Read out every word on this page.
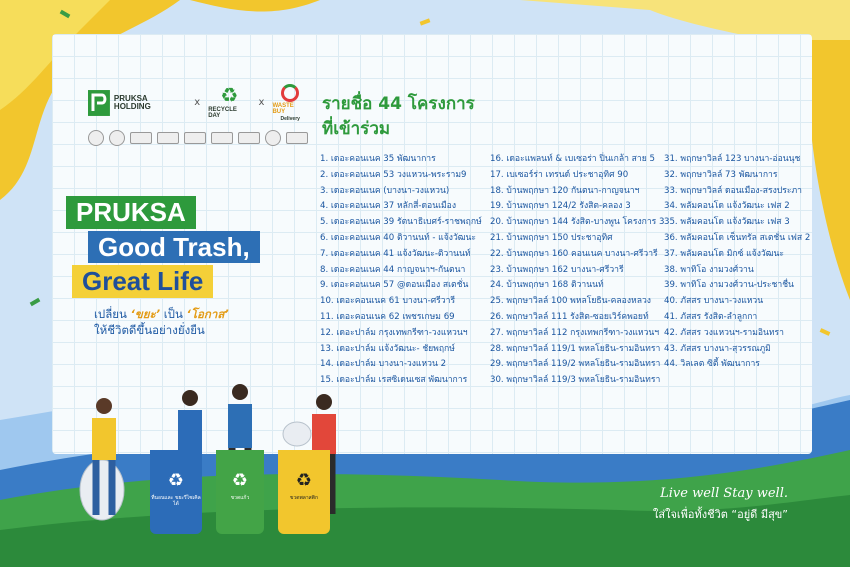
PRUKSA HOLDING	x ♻
RECYCLE DAY
x WASTE BUY
Delivery
PRUKSA
Good Trash,
Great Life
เปลี่ยน ‘ขยะ’ เป็น ‘โอกาส’
ให้ชีวิตดีขึ้นอย่างยั่งยืน
รายชื่อ 44 โครงการ
ที่เข้าร่วม
1. เดอะคอนเนค 35 พัฒนาการ
2. เดอะคอนเนค 53 วงแหวน-พระราม9
3. เดอะคอนเนค (บางนา-วงแหวน)
4. เดอะคอนเนค 37 หลักสี่-ดอนเมือง
5. เดอะคอนเนค 39 รัตนาธิเบศร์-ราชพฤกษ์
6. เดอะคอนเนค 40 ติวานนท์ - แจ้งวัฒนะ
7. เดอะคอนเนค 41 แจ้งวัฒนะ-ติวานนท์
8. เดอะคอนเนค 44 กาญจนาฯ-กันตนา
9. เดอะคอนเนค 57 @ดอนเมือง สเตชั่น
10. เดอะคอนเนค 61 บางนา-ศรีวารี
11. เดอะคอนเนค 62 เพชรเกษม 69
12. เดอะปาล์ม กรุงเทพกรีฑา-วงแหวนฯ
13. เดอะปาล์ม แจ้งวัฒนะ- ชัยพฤกษ์
14. เดอะปาล์ม บางนา-วงแหวน 2
15. เดอะปาล์ม เรสซิเดนเซส พัฒนาการ
16. เดอะแพลนท์ & เบเซอร่า ปิ่นเกล้า สาย 5
17. เบเซอร์ร่า เทรนด์ ประชาอุทิศ 90
18. บ้านพฤกษา 120 กันตนา-กาญจนาฯ
19. บ้านพฤกษา 124/2 รังสิต-คลอง 3
20. บ้านพฤกษา 144 รังสิต-บางพูน โครงการ 3
21. บ้านพฤกษา 150 ประชาอุทิศ
22. บ้านพฤกษา 160 คอนเนค บางนา-ศรีวารี
23. บ้านพฤกษา 162 บางนา-ศรีวารี
24. บ้านพฤกษา 168 ติวานนท์
25. พฤกษาวิลล์ 100 พหลโยธิน-คลองหลวง
26. พฤกษาวิลล์ 111 รังสิต-ซอยเวิร์คพอยท์
27. พฤกษาวิลล์ 112 กรุงเทพกรีฑา-วงแหวนฯ
28. พฤกษาวิลล์ 119/1 พหลโยธิน-รามอินทรา
29. พฤกษาวิลล์ 119/2 พหลโยธิน-รามอินทรา
30. พฤกษาวิลล์ 119/3 พหลโยธิน-รามอินทรา
31. พฤกษาวิลล์ 123 บางนา-อ่อนนุช
32. พฤกษาวิลล์ 73 พัฒนาการ
33. พฤกษาวิลล์ ดอนเมือง-สรงประภา
34. พลัมคอนโด แจ้งวัฒนะ เฟส 2
35. พลัมคอนโด แจ้งวัฒนะ เฟส 3
36. พลัมคอนโด เซ็นทรัล สเตชั่น เฟส 2
37. พลัมคอนโด มิกซ์ แจ้งวัฒนะ
38. พาทิโอ งามวงศ์วาน
39. พาทิโอ งามวงศ์วาน-ประชาชื่น
40. ภัสสร บางนา-วงแหวน
41. ภัสสร รังสิต-ลำลูกกา
42. ภัสสร วงแหวนฯ-รามอินทรา
43. ภัสสร บางนา-สุวรรณภูมิ
44. วิลเลต ซิตี้ พัฒนาการ
♻
ที่นอนและ ขยะรีไซเคิลได้
♻
ขวดแก้ว
♻
ขวดพลาสติก	Live well Stay well.
ใส่ใจเพื่อทั้งชีวิต “อยู่ดี มีสุข”
